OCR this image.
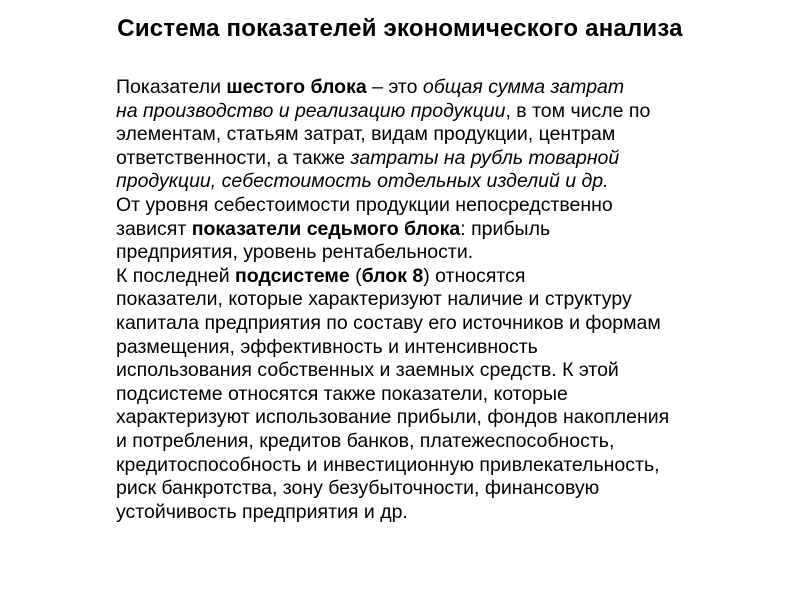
Система показателей экономического анализа

Показатели шестого блока – это общая сумма затрат
на производство и реализацию продукции, в том числе по
элементам, статьям затрат, видам продукции, центрам
ответственности, а также затраты на рубль товарной
продукции, себестоимость отдельных изделий и др.

От уровня себестоимости продукции непосредственно
зависят показатели седьмого блока: прибыль
предприятия, уровень рентабельности.

К последней подсистеме (блок 8) относятся
показатели, которые характеризуют наличие и структуру
капитала предприятия по составу его источников и формам
размещения, эффективность и интенсивность
использования собственных и заемных средств. К этой
подсистеме относятся также показатели, которые
характеризуют использование прибыли, фондов накопления
и потребления, кредитов банков, платежеспособность,
кредитоспособность и инвестиционную привлекательность,
риск банкротства, зону безубыточности, финансовую
устойчивость предприятия и др.
